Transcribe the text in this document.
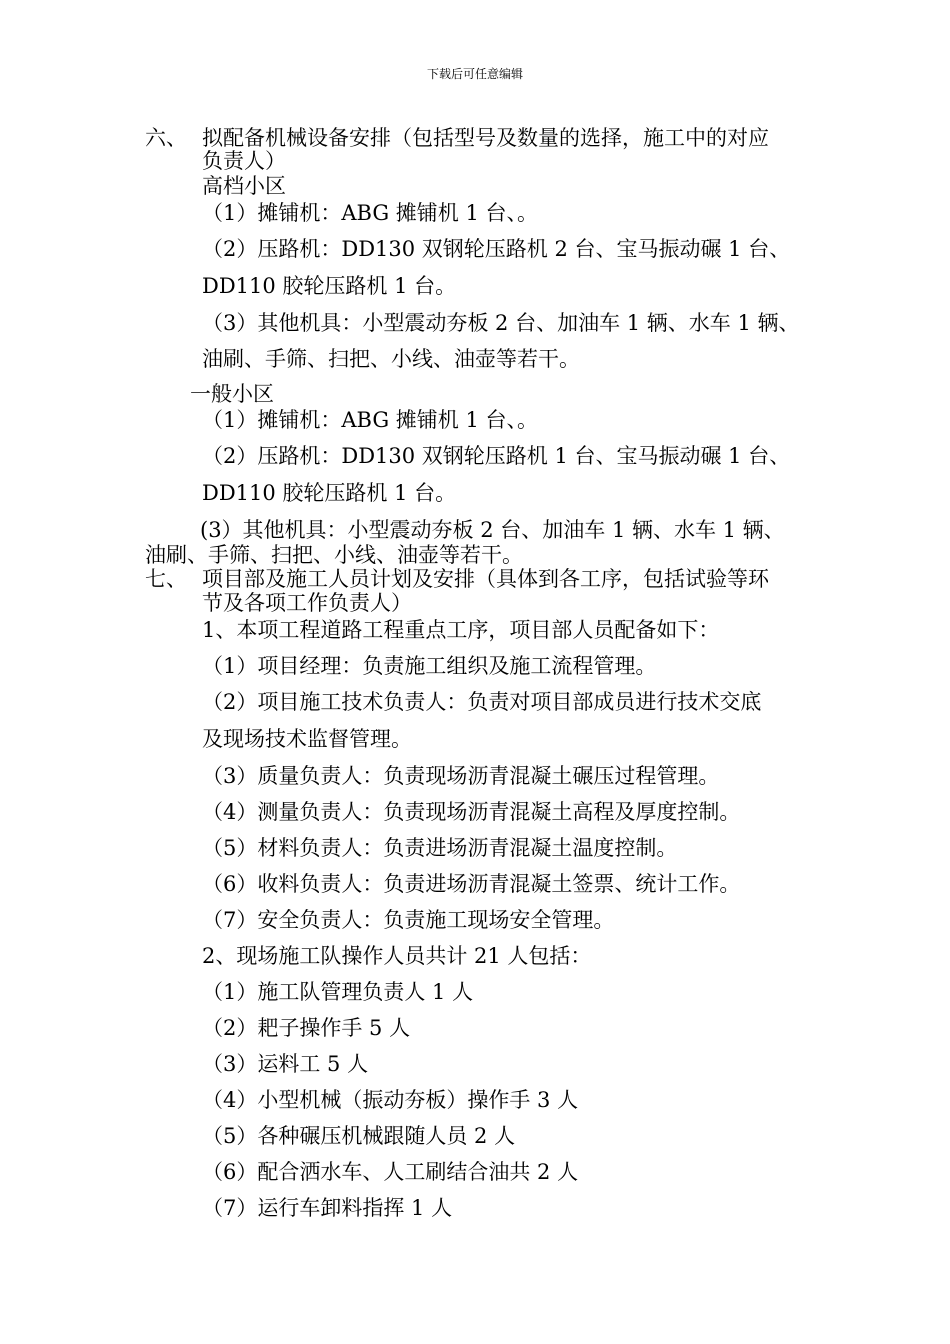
下载后可任意编辑
六、 拟配备机械设备安排（包括型号及数量的选择，施工中的对应
负责人）
高档小区
（1）摊铺机：ABG 摊铺机 1 台、。
（2）压路机：DD130 双钢轮压路机 2 台、宝马振动碾 1 台、
DD110 胶轮压路机 1 台。
（3）其他机具：小型震动夯板 2 台、加油车 1 辆、水车 1 辆、
油刷、手筛、扫把、小线、油壶等若干。
一般小区
（1）摊铺机：ABG 摊铺机 1 台、。
（2）压路机：DD130 双钢轮压路机 1 台、宝马振动碾 1 台、
DD110 胶轮压路机 1 台。
(3）其他机具：小型震动夯板 2 台、加油车 1 辆、水车 1 辆、
油刷、手筛、扫把、小线、油壶等若干。
七、 项目部及施工人员计划及安排（具体到各工序，包括试验等环
节及各项工作负责人）
1、本项工程道路工程重点工序，项目部人员配备如下：
（1）项目经理：负责施工组织及施工流程管理。
（2）项目施工技术负责人：负责对项目部成员进行技术交底
及现场技术监督管理。
（3）质量负责人：负责现场沥青混凝土碾压过程管理。
（4）测量负责人：负责现场沥青混凝土高程及厚度控制。
（5）材料负责人：负责进场沥青混凝土温度控制。
（6）收料负责人：负责进场沥青混凝土签票、统计工作。
（7）安全负责人：负责施工现场安全管理。
2、现场施工队操作人员共计 21 人包括：
（1）施工队管理负责人 1 人
（2）耙子操作手 5 人
（3）运料工 5 人
（4）小型机械（振动夯板）操作手 3 人
（5）各种碾压机械跟随人员 2 人
（6）配合洒水车、人工刷结合油共 2 人
（7）运行车卸料指挥 1 人
